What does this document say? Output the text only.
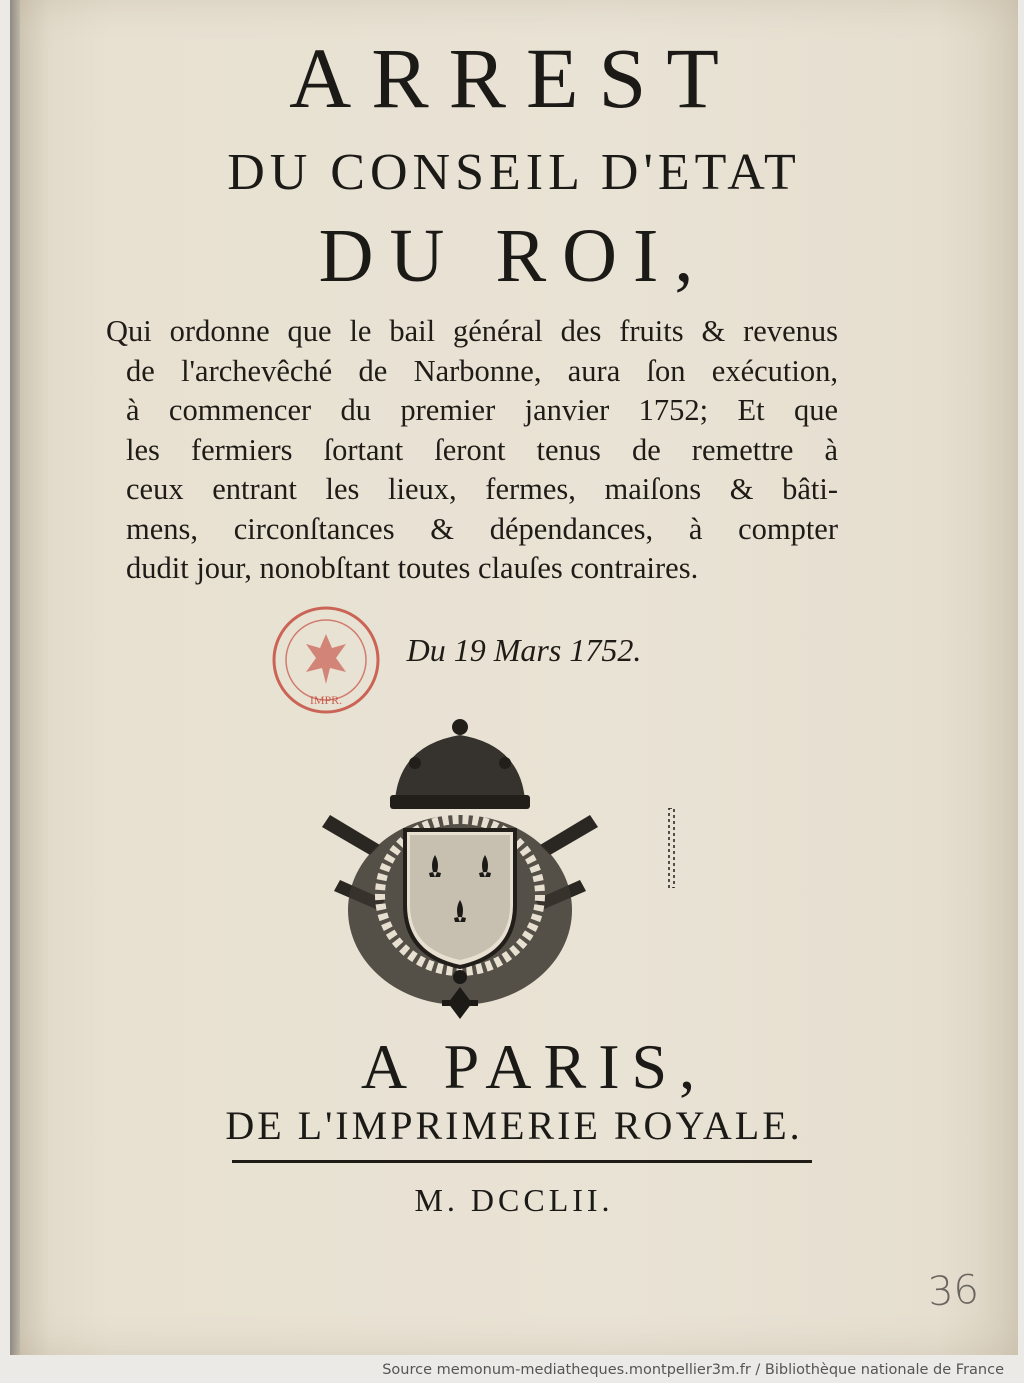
ARREST
DU CONSEIL D'ETAT
DU ROI,
Qui ordonne que le bail général des fruits & revenus
de l'archevêché de Narbonne, aura ſon exécution,
à commencer du premier janvier 1752; Et que
les fermiers ſortant ſeront tenus de remettre à
ceux entrant les lieux, fermes, maiſons & bâti-
mens, circonſtances & dépendances, à compter
dudit jour, nonobſtant toutes clauſes contraires.
Du 19 Mars 1752.
IMPR.
A PARIS,
DE L'IMPRIMERIE ROYALE.
M. DCCLII.
36
Source memonum-mediatheques.montpellier3m.fr / Bibliothèque nationale de France
